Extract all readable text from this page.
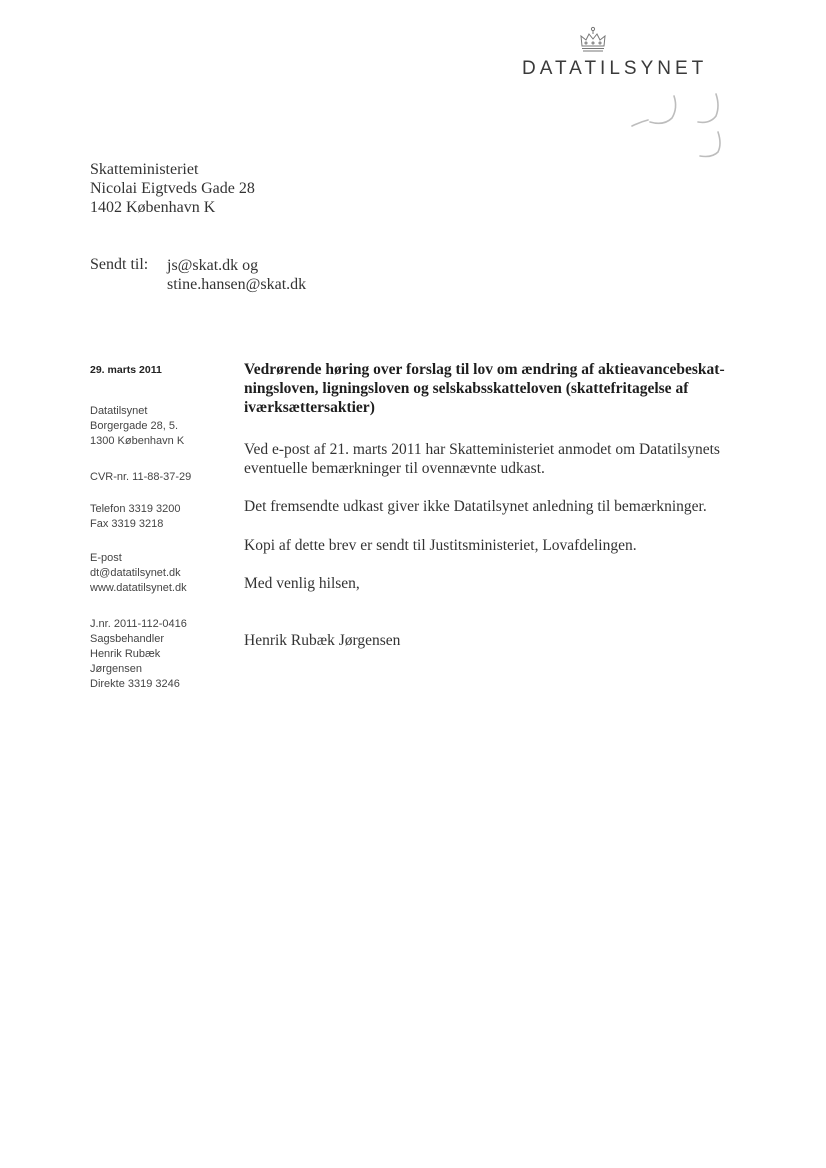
DATATILSYNET
Skatteministeriet
Nicolai Eigtveds Gade 28
1402 København K
Sendt til: js@skat.dk og
stine.hansen@skat.dk
29. marts 2011
Datatilsynet
Borgergade 28, 5.
1300 København K
CVR-nr. 11-88-37-29
Telefon 3319 3200
Fax 3319 3218
E-post
dt@datatilsynet.dk
www.datatilsynet.dk
J.nr. 2011-112-0416
Sagsbehandler
Henrik Rubæk
Jørgensen
Direkte 3319 3246
Vedrørende høring over forslag til lov om ændring af aktieavancebeskat-
ningsloven, ligningsloven og selskabsskatteloven (skattefritagelse af
iværksættersaktier)
Ved e-post af 21. marts 2011 har Skatteministeriet anmodet om Datatilsynets
eventuelle bemærkninger til ovennævnte udkast.
Det fremsendte udkast giver ikke Datatilsynet anledning til bemærkninger.
Kopi af dette brev er sendt til Justitsministeriet, Lovafdelingen.
Med venlig hilsen,
Henrik Rubæk Jørgensen
